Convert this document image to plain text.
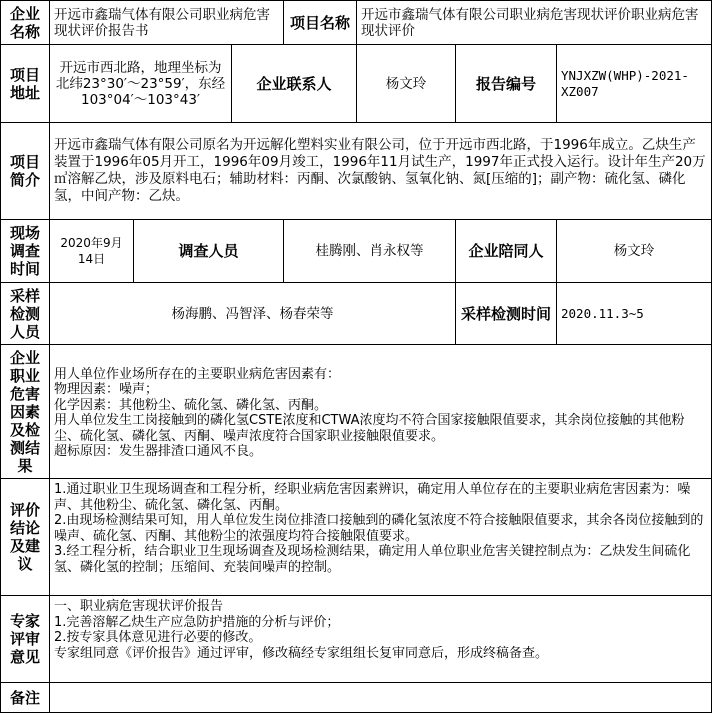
企业名称	开远市鑫瑞气体有限公司职业病危害现状评价报告书			项目名称	开远市鑫瑞气体有限公司职业病危害现状评价职业病危害现状评价		
项目地址	开远市西北路，地理坐标为北纬23°30′～23°59′，东经103°04′～103°43′		企业联系人		杨文玲	报告编号	YNJXZW(WHP)-2021-XZ007
项目简介	开远市鑫瑞气体有限公司原名为开远解化塑料实业有限公司，位于开远市西北路，于1996年成立。乙炔生产装置于1996年05月开工，1996年09月竣工，1996年11月试生产，1997年正式投入运行。设计年生产20万㎥溶解乙炔，涉及原料电石；辅助材料：丙酮、次氯酸钠、氢氧化钠、氮[压缩的]；副产物：硫化氢、磷化氢，中间产物：乙炔。						
现场调查时间	2020年9月14日	调查人员		桂腾刚、肖永权等		企业陪同人	杨文玲
采样检测人员	杨海鹏、冯智泽、杨春荣等					采样检测时间	2020.11.3~5
企业职业危害因素及检测结果	用人单位作业场所存在的主要职业病危害因素有：
物理因素：噪声；
化学因素：其他粉尘、硫化氢、磷化氢、丙酮。
用人单位发生工岗接触到的磷化氢CSTE浓度和CTWA浓度均不符合国家接触限值要求，其余岗位接触的其他粉尘、硫化氢、磷化氢、丙酮、噪声浓度符合国家职业接触限值要求。
超标原因：发生器排渣口通风不良。						

评价结论及建议	1.通过职业卫生现场调查和工程分析，经职业病危害因素辨识，确定用人单位存在的主要职业病危害因素为：噪声、其他粉尘、硫化氢、磷化氢、丙酮。
2.由现场检测结果可知，用人单位发生岗位排渣口接触到的磷化氢浓度不符合接触限值要求，其余各岗位接触到的噪声、硫化氢、丙酮、其他粉尘的浓强度均符合接触限值要求。
3.经工程分析，结合职业卫生现场调查及现场检测结果，确定用人单位职业危害关键控制点为：乙炔发生间硫化氢、磷化氢的控制；压缩间、充装间噪声的控制。						

专家评审意见	一、职业病危害现状评价报告
1.完善溶解乙炔生产应急防护措施的分析与评价；
2.按专家具体意见进行必要的修改。
专家组同意《评价报告》通过评审，修改稿经专家组组长复审同意后，形成终稿备查。						

备注							
